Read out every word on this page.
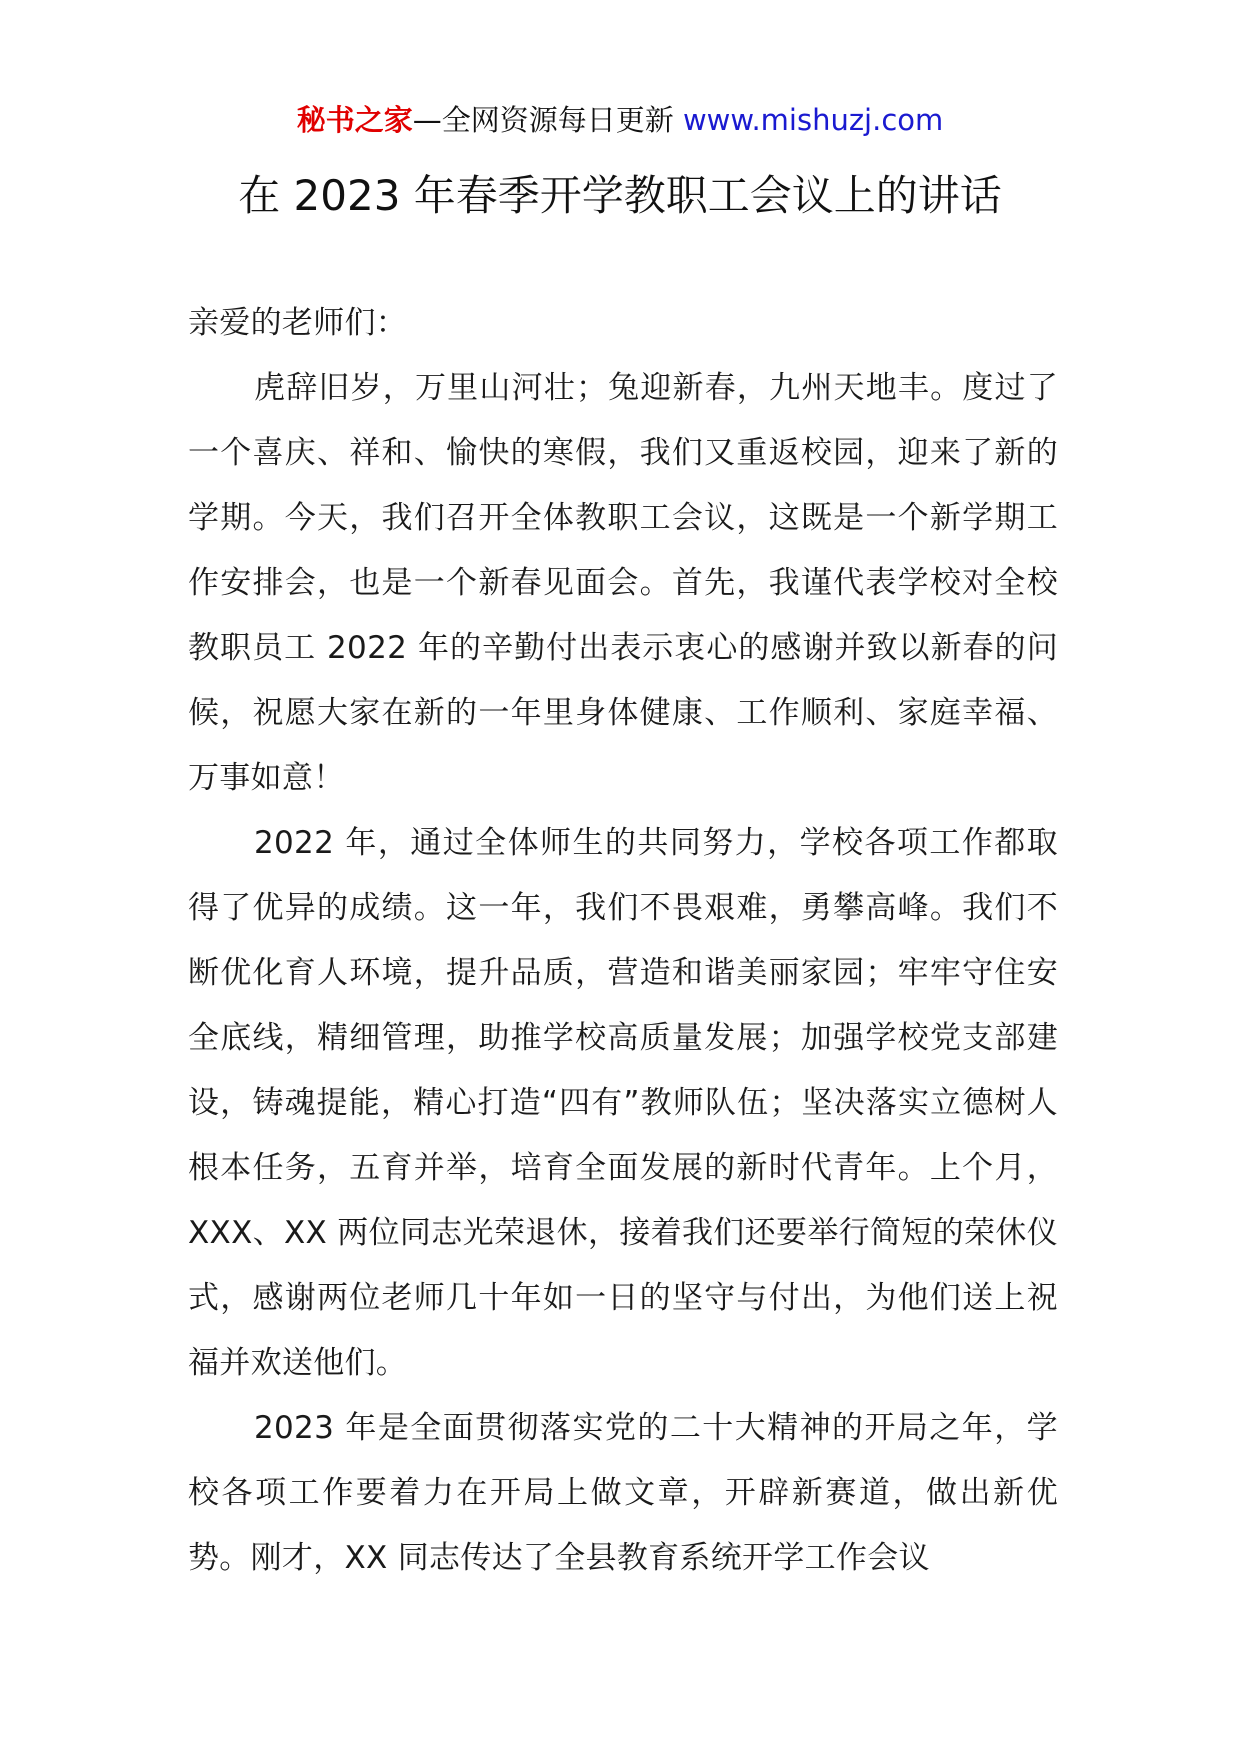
秘书之家—全网资源每日更新 www.mishuzj.com
在 2023 年春季开学教职工会议上的讲话

亲爱的老师们：

虎辞旧岁，万里山河壮；兔迎新春，九州天地丰。度过了一个喜庆、祥和、愉快的寒假，我们又重返校园，迎来了新的学期。今天，我们召开全体教职工会议，这既是一个新学期工作安排会，也是一个新春见面会。首先，我谨代表学校对全校教职员工 2022 年的辛勤付出表示衷心的感谢并致以新春的问候，祝愿大家在新的一年里身体健康、工作顺利、家庭幸福、万事如意！

2022 年，通过全体师生的共同努力，学校各项工作都取得了优异的成绩。这一年，我们不畏艰难，勇攀高峰。我们不断优化育人环境，提升品质，营造和谐美丽家园；牢牢守住安全底线，精细管理，助推学校高质量发展；加强学校党支部建设，铸魂提能，精心打造“四有”教师队伍；坚决落实立德树人根本任务，五育并举，培育全面发展的新时代青年。上个月，XXX、XX 两位同志光荣退休，接着我们还要举行简短的荣休仪式，感谢两位老师几十年如一日的坚守与付出，为他们送上祝福并欢送他们。

2023 年是全面贯彻落实党的二十大精神的开局之年，学校各项工作要着力在开局上做文章，开辟新赛道，做出新优势。刚才，XX 同志传达了全县教育系统开学工作会议
